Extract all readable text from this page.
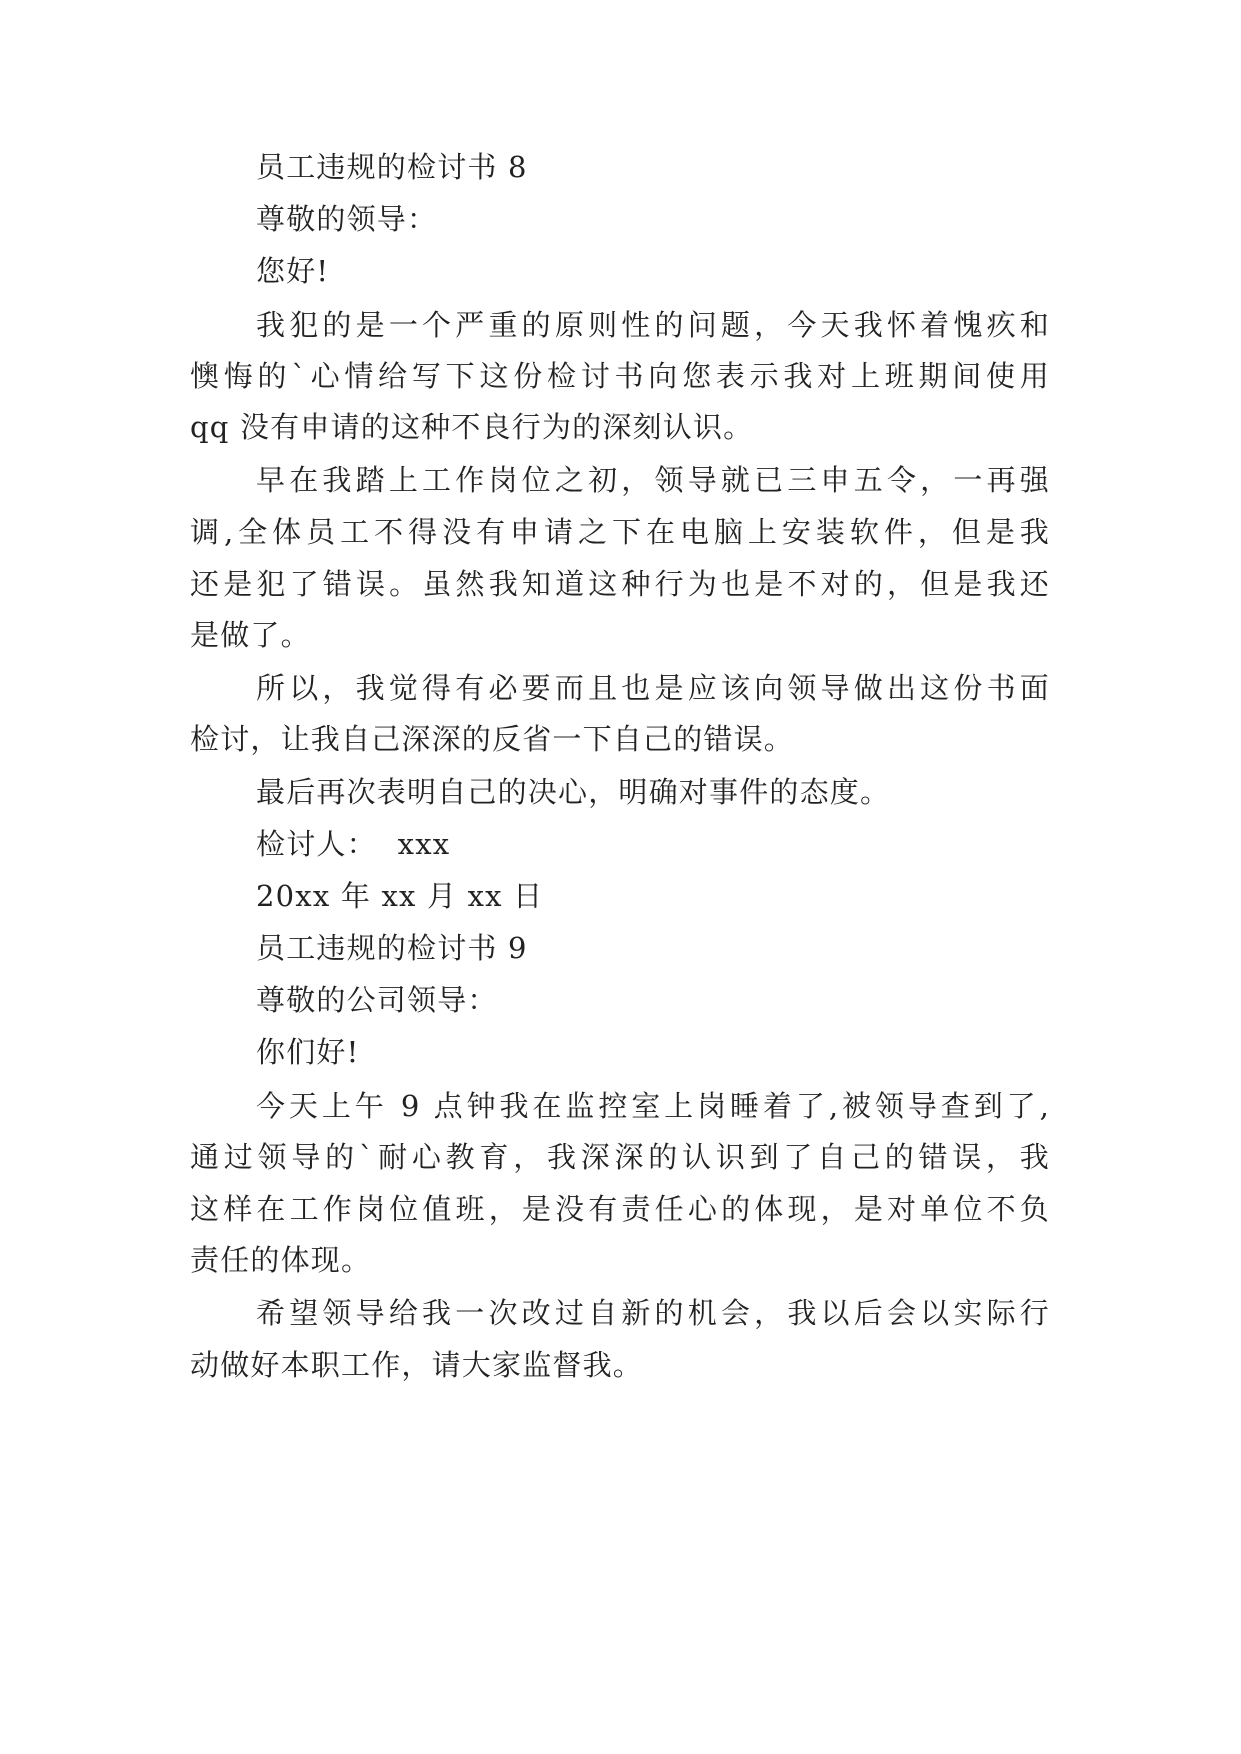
员工违规的检讨书 8
尊敬的领导：
您好!
我犯的是一个严重的原则性的问题，今天我怀着愧疚和
懊悔的`心情给写下这份检讨书向您表示我对上班期间使用
qq 没有申请的这种不良行为的深刻认识。
早在我踏上工作岗位之初，领导就已三申五令，一再强
调,全体员工不得没有申请之下在电脑上安装软件，但是我
还是犯了错误。虽然我知道这种行为也是不对的，但是我还
是做了。
所以，我觉得有必要而且也是应该向领导做出这份书面
检讨，让我自己深深的反省一下自己的错误。
最后再次表明自己的决心，明确对事件的态度。
检讨人：  xxx
20xx 年 xx 月 xx 日
员工违规的检讨书 9
尊敬的公司领导：
你们好!
今天上午 9 点钟我在监控室上岗睡着了,被领导查到了,
通过领导的`耐心教育，我深深的认识到了自己的错误，我
这样在工作岗位值班，是没有责任心的体现，是对单位不负
责任的体现。
希望领导给我一次改过自新的机会，我以后会以实际行
动做好本职工作，请大家监督我。
